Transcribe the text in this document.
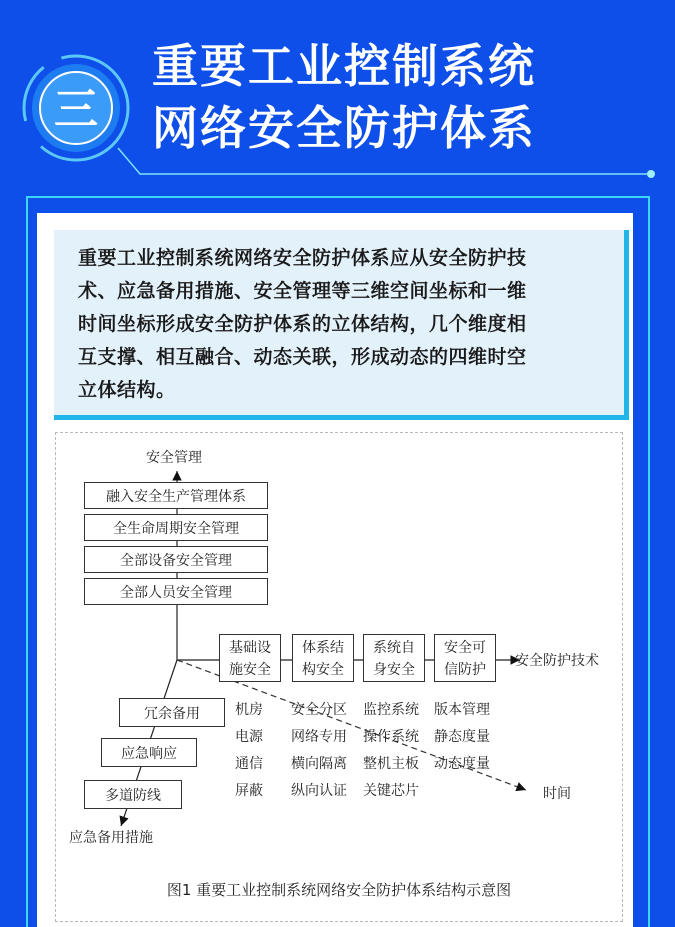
三
重要工业控制系统
网络安全防护体系
重要工业控制系统网络安全防护体系应从安全防护技
术、应急备用措施、安全管理等三维空间坐标和一维
时间坐标形成安全防护体系的立体结构，几个维度相
互支撑、相互融合、动态关联，形成动态的四维时空
立体结构。
安全管理
融入安全生产管理体系
全生命周期安全管理
全部设备安全管理
全部人员安全管理
基础设
施安全
体系结
构安全
系统自
身安全
安全可
信防护
安全防护技术
机房
电源
通信
屏蔽
安全分区
网络专用
横向隔离
纵向认证
监控系统
操作系统
整机主板
关键芯片
版本管理
静态度量
动态度量
时间
冗余备用
应急响应
多道防线
应急备用措施
图1 重要工业控制系统网络安全防护体系结构示意图
